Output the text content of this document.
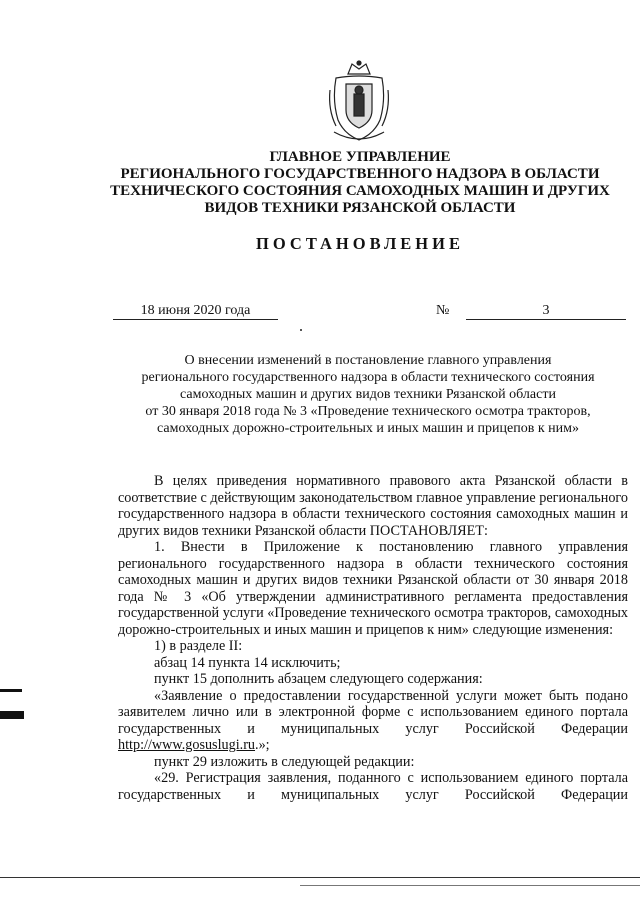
ГЛАВНОЕ УПРАВЛЕНИЕ
РЕГИОНАЛЬНОГО ГОСУДАРСТВЕННОГО НАДЗОРА В ОБЛАСТИ
ТЕХНИЧЕСКОГО СОСТОЯНИЯ САМОХОДНЫХ МАШИН И ДРУГИХ
ВИДОВ ТЕХНИКИ РЯЗАНСКОЙ ОБЛАСТИ
ПОСТАНОВЛЕНИЕ
18 июня 2020 года	№	3
О внесении изменений в постановление главного управления
регионального государственного надзора в области технического состояния
самоходных машин и других видов техники Рязанской области
от 30 января 2018 года № 3 «Проведение технического осмотра тракторов,
самоходных дорожно-строительных и иных машин и прицепов к ним»

В целях приведения нормативного правового акта Рязанской области в соответствие с действующим законодательством главное управление регионального государственного надзора в области технического состояния самоходных машин и других видов техники Рязанской области ПОСТАНОВЛЯЕТ:

1. Внести в Приложение к постановлению главного управления регионального государственного надзора в области технического состояния самоходных машин и других видов техники Рязанской области от 30 января 2018 года № 3 «Об утверждении административного регламента предоставления государственной услуги «Проведение технического осмотра тракторов, самоходных дорожно-строительных и иных машин и прицепов к ним» следующие изменения:

1) в разделе II:

абзац 14 пункта 14 исключить;

пункт 15 дополнить абзацем следующего содержания:

«Заявление о предоставлении государственной услуги может быть подано заявителем лично или в электронной форме с использованием единого портала государственных и муниципальных услуг Российской Федерации http://www.gosuslugi.ru.»;

пункт 29 изложить в следующей редакции:

«29. Регистрация заявления, поданного с использованием единого портала государственных и муниципальных услуг Российской Федерации
